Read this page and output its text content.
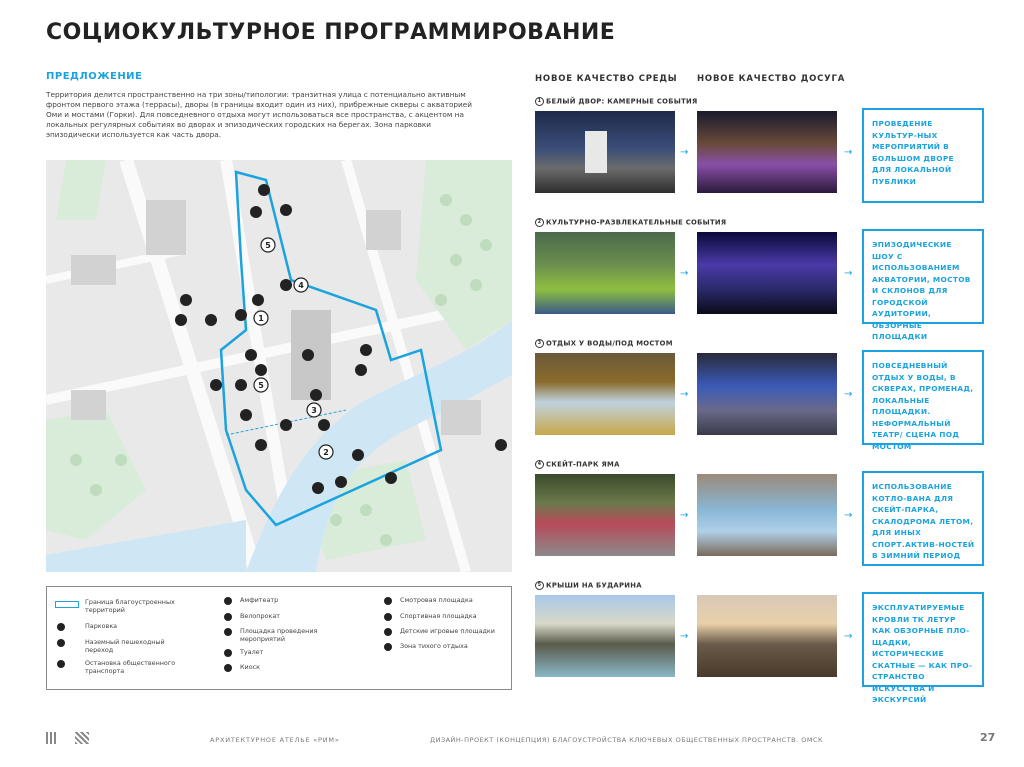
СОЦИОКУЛЬТУРНОЕ ПРОГРАММИРОВАНИЕ
ПРЕДЛОЖЕНИЕ
Территория делится пространственно на три зоны/типологии: транзитная улица с потенциально активным фронтом первого этажа (террасы), дворы (в границы входит один из них), прибрежные скверы с акваторией Оми и мостами (Горки). Для повседневного отдыха могут использоваться все пространства, с акцентом на локальных регулярных событиях во дворах и эпизодических городских на берегах. Зона парковки эпизодически используется как часть двора.
5
4
1
3
2
5
Граница благоустроенных территорий
Парковка
Наземный пешеходный переход
Остановка общественного транспорта
Амфитеатр
Велопрокат
Площадка проведения мероприятий
Туалет
Киоск
Смотровая площадка
Спортивная площадка
Детские игровые площадки
Зона тихого отдыха
НОВОЕ КАЧЕСТВО СРЕДЫ НОВОЕ КАЧЕСТВО ДОСУГА
1 БЕЛЫЙ ДВОР: КАМЕРНЫЕ СОБЫТИЯ
→	→
ПРОВЕДЕНИЕ КУЛЬТУР-НЫХ МЕРОПРИЯТИЙ В БОЛЬШОМ ДВОРЕ ДЛЯ ЛОКАЛЬНОЙ ПУБЛИКИ
2 КУЛЬТУРНО-РАЗВЛЕКАТЕЛЬНЫЕ СОБЫТИЯ
→	→
ЭПИЗОДИЧЕСКИЕ ШОУ С ИСПОЛЬЗОВАНИЕМ АКВАТОРИИ, МОСТОВ И СКЛОНОВ ДЛЯ ГОРОДСКОЙ АУДИТОРИИ, ОБЗОРНЫЕ ПЛОЩАДКИ
3 ОТДЫХ У ВОДЫ/ПОД МОСТОМ
→	→
ПОВСЕДНЕВНЫЙ ОТДЫХ У ВОДЫ, В СКВЕРАХ, ПРОМЕНАД, ЛОКАЛЬНЫЕ ПЛОЩАДКИ. НЕФОРМАЛЬНЫЙ ТЕАТР/ СЦЕНА ПОД МОСТОМ
4 СКЕЙТ-ПАРК ЯМА
→	→
ИСПОЛЬЗОВАНИЕ КОТЛО-ВАНА ДЛЯ СКЕЙТ-ПАРКА, СКАЛОДРОМА ЛЕТОМ, ДЛЯ ИНЫХ СПОРТ.АКТИВ-НОСТЕЙ В ЗИМНИЙ ПЕРИОД
5 КРЫШИ НА БУДАРИНА
→	→
ЭКСПЛУАТИРУЕМЫЕ КРОВЛИ ТК ЛЕТУР КАК ОБЗОРНЫЕ ПЛО-ЩАДКИ, ИСТОРИЧЕСКИЕ СКАТНЫЕ — КАК ПРО-СТРАНСТВО ИСКУССТВА И ЭКСКУРСИЙ
АРХИТЕКТУРНОЕ АТЕЛЬЕ «РИМ»	ДИЗАЙН-ПРОЕКТ (КОНЦЕПЦИЯ) БЛАГОУСТРОЙСТВА КЛЮЧЕВЫХ ОБЩЕСТВЕННЫХ ПРОСТРАНСТВ. ОМСК	27
